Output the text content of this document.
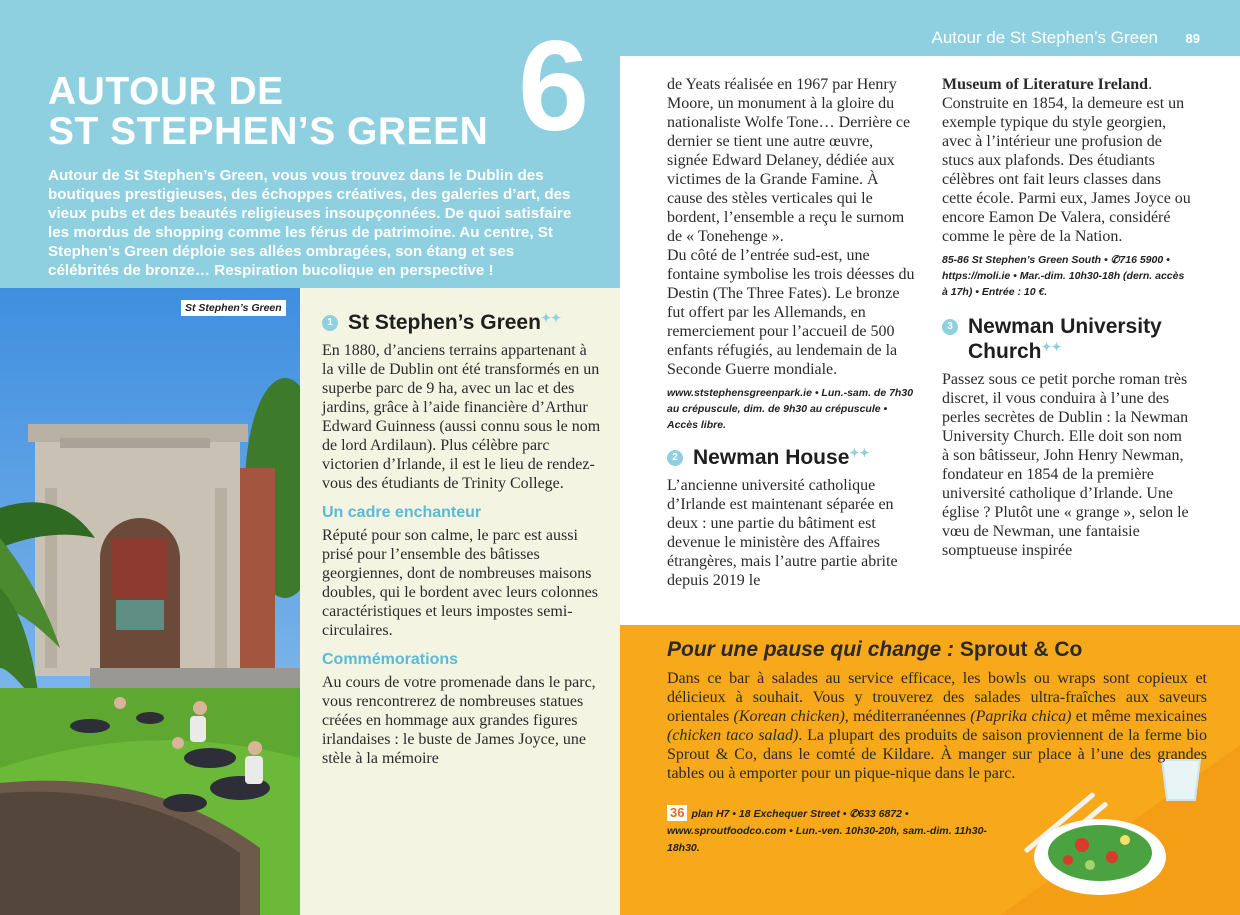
AUTOUR DE
ST STEPHEN’S GREEN 6
Autour de St Stephen’s Green, vous vous trouvez dans le Dublin des boutiques prestigieuses, des échoppes créatives, des galeries d’art, des vieux pubs et des beautés religieuses insoupçonnées. De quoi satisfaire les mordus de shopping comme les férus de patrimoine. Au centre, St Stephen’s Green déploie ses allées ombragées, son étang et ses célébrités de bronze… Respiration bucolique en perspective !
St Stephen’s Green
1 St Stephen’s Green✦✦

En 1880, d’anciens terrains appartenant à la ville de Dublin ont été transformés en un superbe parc de 9 ha, avec un lac et des jardins, grâce à l’aide financière d’Arthur Edward Guinness (aussi connu sous le nom de lord Ardilaun). Plus célèbre parc victorien d’Irlande, il est le lieu de rendez-vous des étudiants de Trinity College.

Un cadre enchanteur

Réputé pour son calme, le parc est aussi prisé pour l’ensemble des bâtisses georgiennes, dont de nombreuses maisons doubles, qui le bordent avec leurs colonnes caractéristiques et leurs impostes semi-circulaires.

Commémorations

Au cours de votre promenade dans le parc, vous rencontrerez de nombreuses statues créées en hommage aux grandes figures irlandaises : le buste de James Joyce, une stèle à la mémoire

Autour de St Stephen’s Green 89

de Yeats réalisée en 1967 par Henry Moore, un monument à la gloire du nationaliste Wolfe Tone… Derrière ce dernier se tient une autre œuvre, signée Edward Delaney, dédiée aux victimes de la Grande Famine. À cause des stèles verticales qui le bordent, l’ensemble a reçu le surnom de « Tonehenge ».

Du côté de l’entrée sud-est, une fontaine symbolise les trois déesses du Destin (The Three Fates). Le bronze fut offert par les Allemands, en remerciement pour l’accueil de 500 enfants réfugiés, au lendemain de la Seconde Guerre mondiale.

www.ststephensgreenpark.ie • Lun.-sam. de 7h30 au crépuscule, dim. de 9h30 au crépuscule • Accès libre.

2 Newman House✦✦

L’ancienne université catholique d’Irlande est maintenant séparée en deux : une partie du bâtiment est devenue le ministère des Affaires étrangères, mais l’autre partie abrite depuis 2019 le

Museum of Literature Ireland. Construite en 1854, la demeure est un exemple typique du style georgien, avec à l’intérieur une profusion de stucs aux plafonds. Des étudiants célèbres ont fait leurs classes dans cette école. Parmi eux, James Joyce ou encore Eamon De Valera, considéré comme le père de la Nation.

85-86 St Stephen’s Green South • ✆716 5900 • https://moli.ie • Mar.-dim. 10h30-18h (dern. accès à 17h) • Entrée : 10 €.

3 Newman University Church✦✦

Passez sous ce petit porche roman très discret, il vous conduira à l’une des perles secrètes de Dublin : la Newman University Church. Elle doit son nom à son bâtisseur, John Henry Newman, fondateur en 1854 de la première université catholique d’Irlande. Une église ? Plutôt une « grange », selon le vœu de Newman, une fantaisie somptueuse inspirée

Pour une pause qui change : Sprout & Co

Dans ce bar à salades au service efficace, les bowls ou wraps sont copieux et délicieux à souhait. Vous y trouverez des salades ultra-fraîches aux saveurs orientales (Korean chicken), méditerranéennes (Paprika chica) et même mexicaines (chicken taco salad). La plupart des produits de saison proviennent de la ferme bio Sprout & Co, dans le comté de Kildare. À manger sur place à l’une des grandes tables ou à emporter pour un pique-nique dans le parc.

36 plan H7 • 18 Exchequer Street • ✆633 6872 • www.sproutfoodco.com • Lun.-ven. 10h30-20h, sam.-dim. 11h30-18h30.
